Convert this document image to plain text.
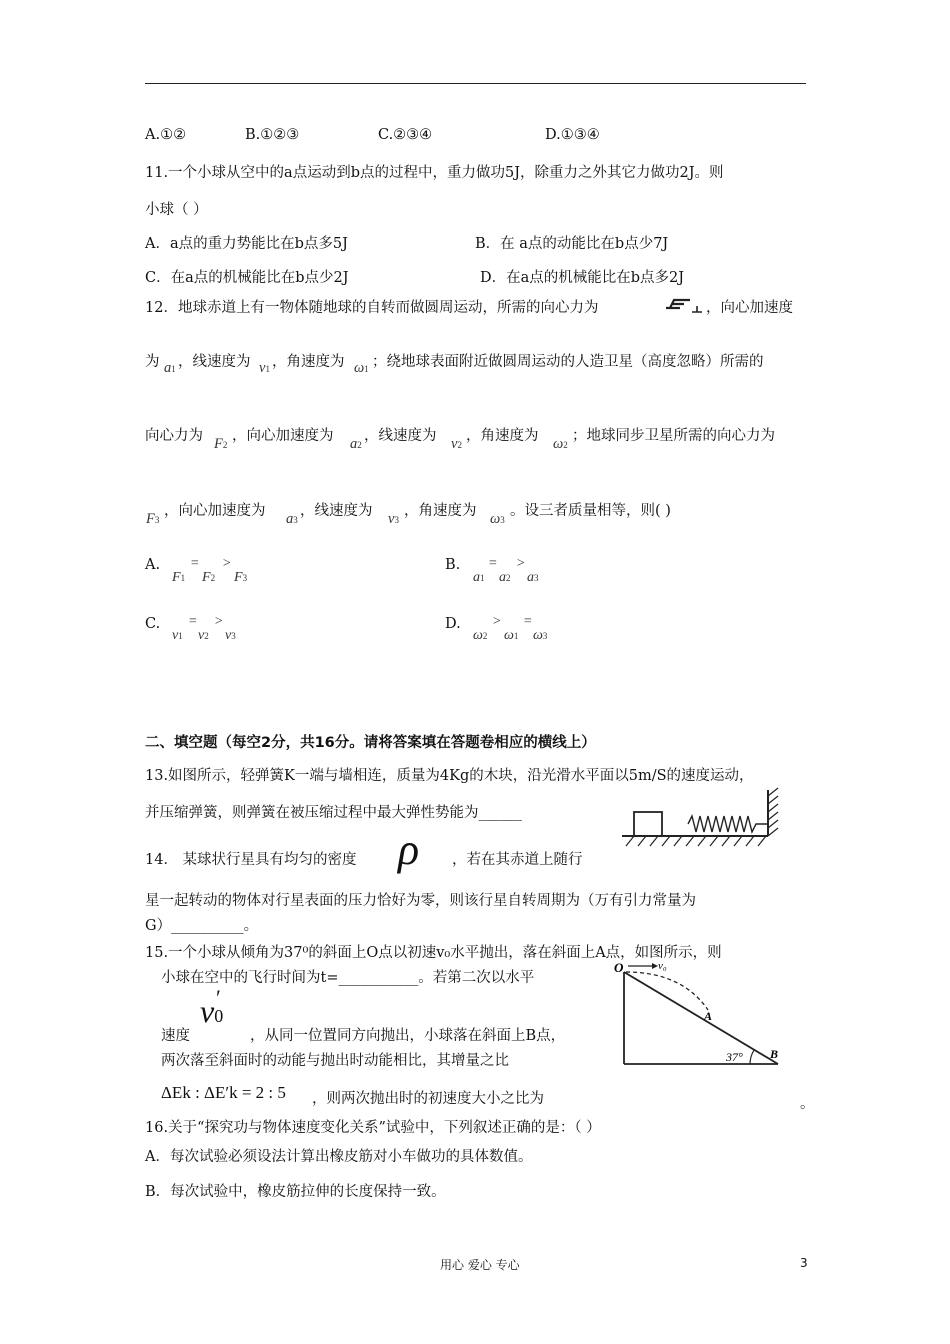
A.①②	B.①②③	C.②③④	D.①③④
11.一个小球从空中的a点运动到b点的过程中，重力做功5J，除重力之外其它力做功2J。则
小球（ ）
A．a点的重力势能比在b点多5J	B．在 a点的动能比在b点少7J
C．在a点的机械能比在b点少2J	D．在a点的机械能比在b点多2J
12．地球赤道上有一物体随地球的自转而做圆周运动，所需的向心力为	，向心加速度
为 a1 ，线速度为 v1 ，角速度为 ω1 ；绕地球表面附近做圆周运动的人造卫星（高度忽略）所需的
向心力为 F2
，向心加速度为 a2
，线速度为 v2
，角速度为 ω2
；地球同步卫星所需的向心力为
F3
，向心加速度为 a3
，线速度为 v3
，角速度为 ω3
。设三者质量相等，则( )
A.
F1
=
F2
>
F3
B.
a1
=
a2
>
a3
C.
v1
=
v2
>
v3
D.
ω2
>
ω1
=
ω3
二、填空题（每空2分，共16分。请将答案填在答题卷相应的横线上）
13.如图所示，轻弹簧K一端与墙相连，质量为4Kg的木块，沿光滑水平面以5m/S的速度运动，
并压缩弹簧，则弹簧在被压缩过程中最大弹性势能为______
14． 某球状行星具有均匀的密度 ρ ，若在其赤道上随行
星一起转动的物体对行星表面的压力恰好为零，则该行星自转周期为（万有引力常量为
G）__________。
15.一个小球从倾角为37⁰的斜面上O点以初速v₀水平抛出，落在斜面上A点，如图所示，则
小球在空中的飞行时间为t=___________。若第二次以水平
速度
v0
′
，从同一位置同方向抛出，小球落在斜面上B点，
两次落至斜面时的动能与抛出时动能相比，其增量之比
ΔEk : ΔE′k = 2 : 5 ，则两次抛出时的初速度大小之比为	。
O	v₀
A
B
37°
16.关于“探究功与物体速度变化关系”试验中，下列叙述正确的是：（ ）
A．每次试验必须设法计算出橡皮筋对小车做功的具体数值。
B．每次试验中，橡皮筋拉伸的长度保持一致。
用心 爱心 专心	3
